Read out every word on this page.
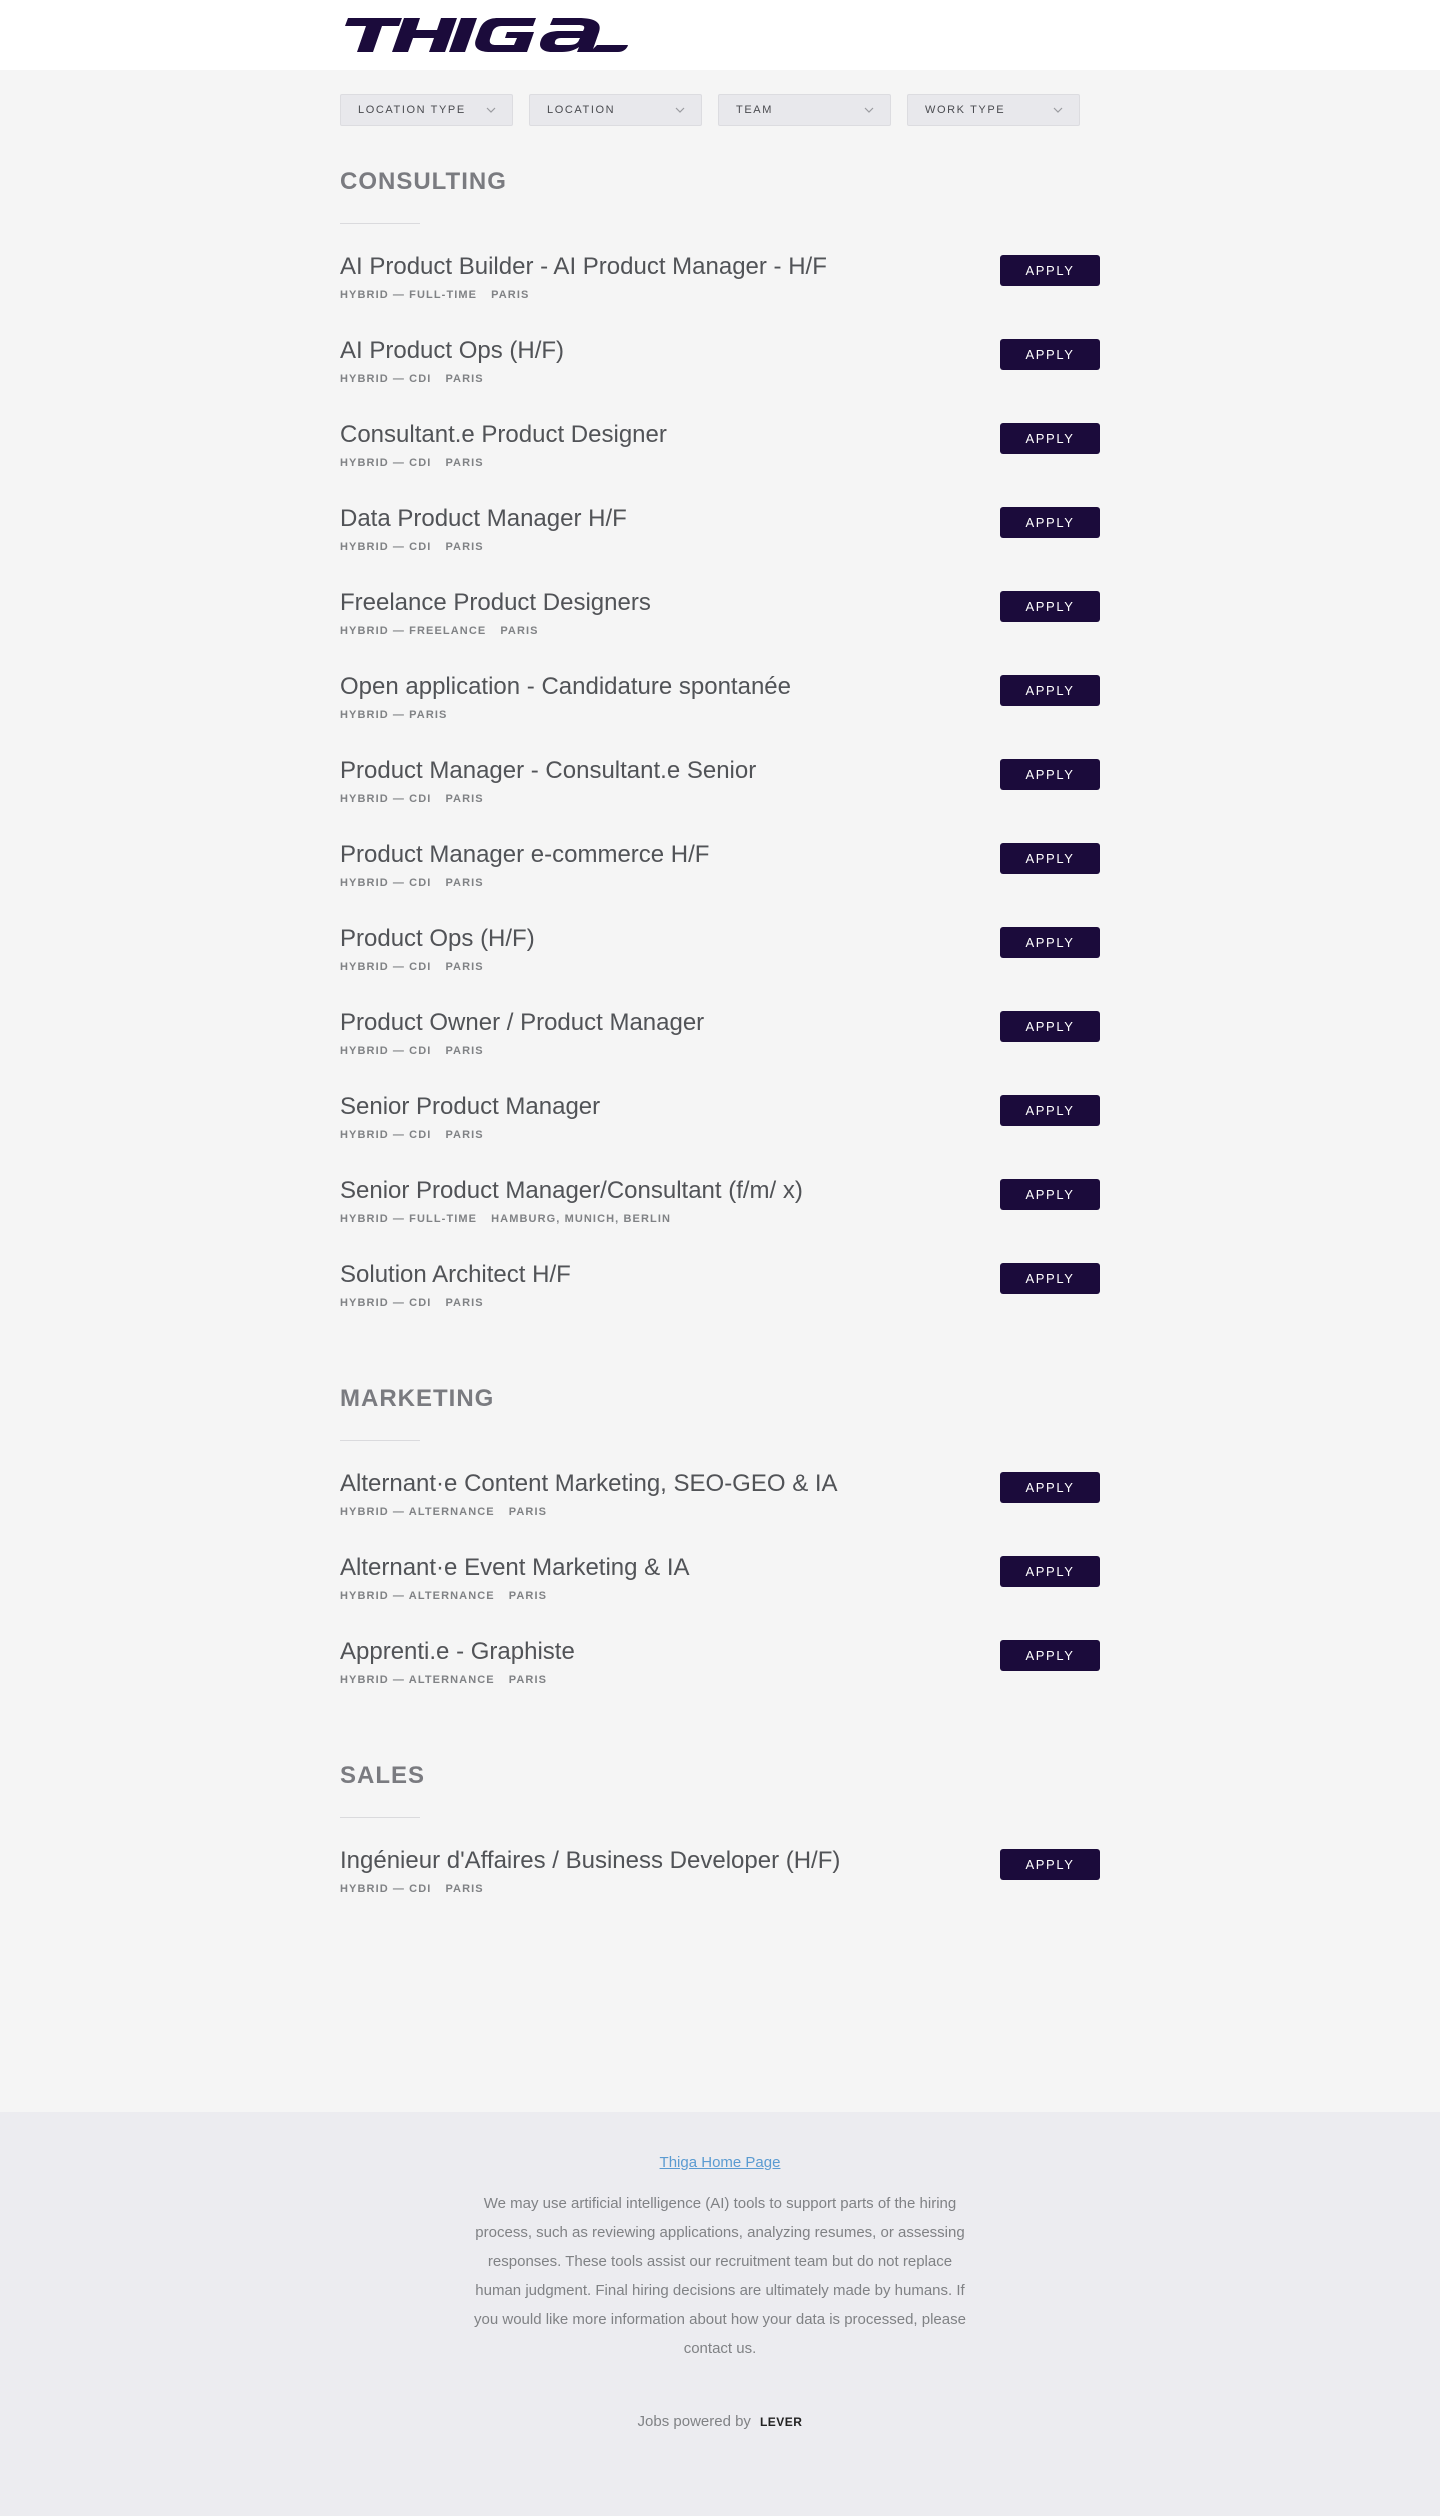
LOCATION TYPE	LOCATION	TEAM	WORK TYPE
CONSULTING
AI Product Builder - AI Product Manager - H/F
HYBRID — FULL-TIME PARIS
APPLY
AI Product Ops (H/F)
HYBRID — CDI PARIS
APPLY
Consultant.e Product Designer
HYBRID — CDI PARIS
APPLY
Data Product Manager H/F
HYBRID — CDI PARIS
APPLY
Freelance Product Designers
HYBRID — FREELANCE PARIS
APPLY
Open application - Candidature spontanée
HYBRID — PARIS
APPLY
Product Manager - Consultant.e Senior
HYBRID — CDI PARIS
APPLY
Product Manager e-commerce H/F
HYBRID — CDI PARIS
APPLY
Product Ops (H/F)
HYBRID — CDI PARIS
APPLY
Product Owner / Product Manager
HYBRID — CDI PARIS
APPLY
Senior Product Manager
HYBRID — CDI PARIS
APPLY
Senior Product Manager/Consultant (f/m/ x)
HYBRID — FULL-TIME HAMBURG, MUNICH, BERLIN
APPLY
Solution Architect H/F
HYBRID — CDI PARIS
APPLY
MARKETING
Alternant·e Content Marketing, SEO-GEO & IA
HYBRID — ALTERNANCE PARIS
APPLY
Alternant·e Event Marketing & IA
HYBRID — ALTERNANCE PARIS
APPLY
Apprenti.e - Graphiste
HYBRID — ALTERNANCE PARIS
APPLY
SALES
Ingénieur d'Affaires / Business Developer (H/F)
HYBRID — CDI PARIS
APPLY
Thiga Home Page

We may use artificial intelligence (AI) tools to support parts of the hiring process, such as reviewing applications, analyzing resumes, or assessing responses. These tools assist our recruitment team but do not replace human judgment. Final hiring decisions are ultimately made by humans. If you would like more information about how your data is processed, please contact us.

Jobs powered by LEVER
